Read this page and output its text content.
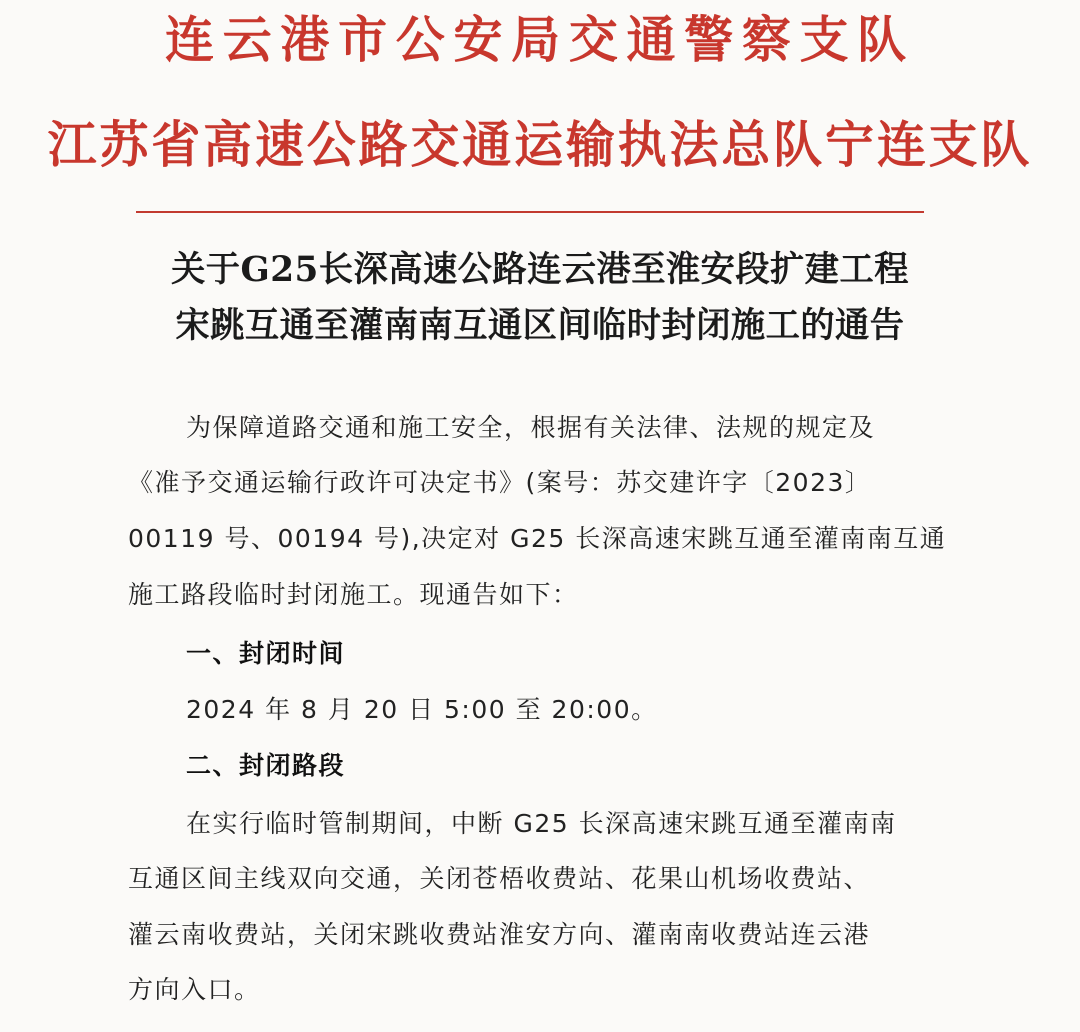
连云港市公安局交通警察支队
江苏省高速公路交通运输执法总队宁连支队
关于G25长深高速公路连云港至淮安段扩建工程
宋跳互通至灌南南互通区间临时封闭施工的通告
为保障道路交通和施工安全，根据有关法律、法规的规定及
《准予交通运输行政许可决定书》(案号：苏交建许字〔2023〕
00119 号、00194 号),决定对 G25 长深高速宋跳互通至灌南南互通
施工路段临时封闭施工。现通告如下：
一、封闭时间
2024 年 8 月 20 日 5:00 至 20:00。
二、封闭路段
在实行临时管制期间，中断 G25 长深高速宋跳互通至灌南南
互通区间主线双向交通，关闭苍梧收费站、花果山机场收费站、
灌云南收费站，关闭宋跳收费站淮安方向、灌南南收费站连云港
方向入口。
